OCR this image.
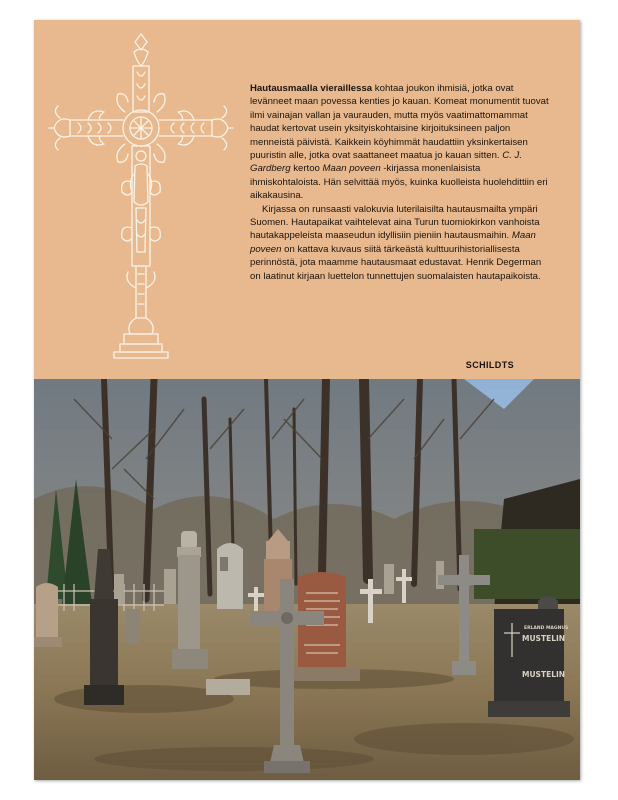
Hautausmaalla vieraillessa kohtaa joukon ihmisiä, jotka ovat levänneet maan povessa kenties jo kauan. Komeat monumentit tuovat ilmi vainajan vallan ja vaurauden, mutta myös vaatimattomammat haudat kertovat usein yksityiskohtaisine kirjoituksineen paljon menneistä päivistä. Kaikkein köyhimmät haudattiin yksinkertaisen puuristin alle, jotka ovat saattaneet maatua jo kauan sitten. C. J. Gardberg kertoo Maan poveen -kirjassa monenlaisista ihmiskohtaloista. Hän selvittää myös, kuinka kuolleista huolehdittiin eri aikakausina.

Kirjassa on runsaasti valokuvia luterilaisilta hautausmailta ympäri Suomen. Hautapaikat vaihtelevat aina Turun tuomiokirkon vanhoista hautakappeleista maaseudun idyllisiin pieniin hautausmaihin. Maan poveen on kattava kuvaus siitä tärkeästä kulttuurihistoriallisesta perinnöstä, jota maamme hautausmaat edustavat. Henrik Degerman on laatinut kirjaan luettelon tunnettujen suomalaisten hautapaikoista.

SCHILDTS
ERLAND MAGNUS
MUSTELIN
MUSTELIN
